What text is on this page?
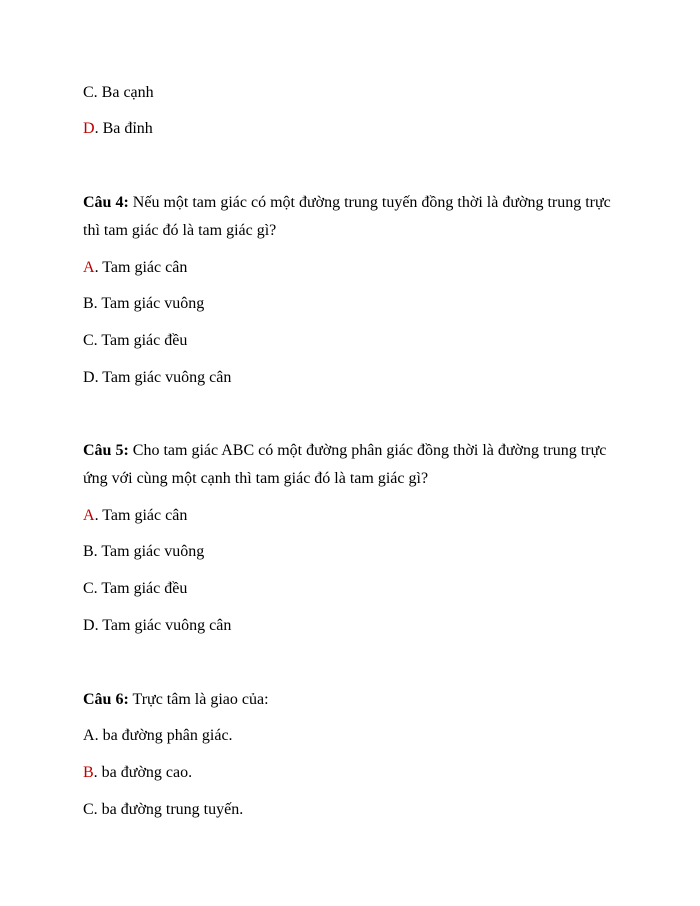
C. Ba cạnh
D. Ba đỉnh
Câu 4: Nếu một tam giác có một đường trung tuyến đồng thời là đường trung trực
thì tam giác đó là tam giác gì?
A. Tam giác cân
B. Tam giác vuông
C. Tam giác đều
D. Tam giác vuông cân
Câu 5: Cho tam giác ABC có một đường phân giác đồng thời là đường trung trực
ứng với cùng một cạnh thì tam giác đó là tam giác gì?
A. Tam giác cân
B. Tam giác vuông
C. Tam giác đều
D. Tam giác vuông cân
Câu 6: Trực tâm là giao của:
A. ba đường phân giác.
B. ba đường cao.
C. ba đường trung tuyến.
